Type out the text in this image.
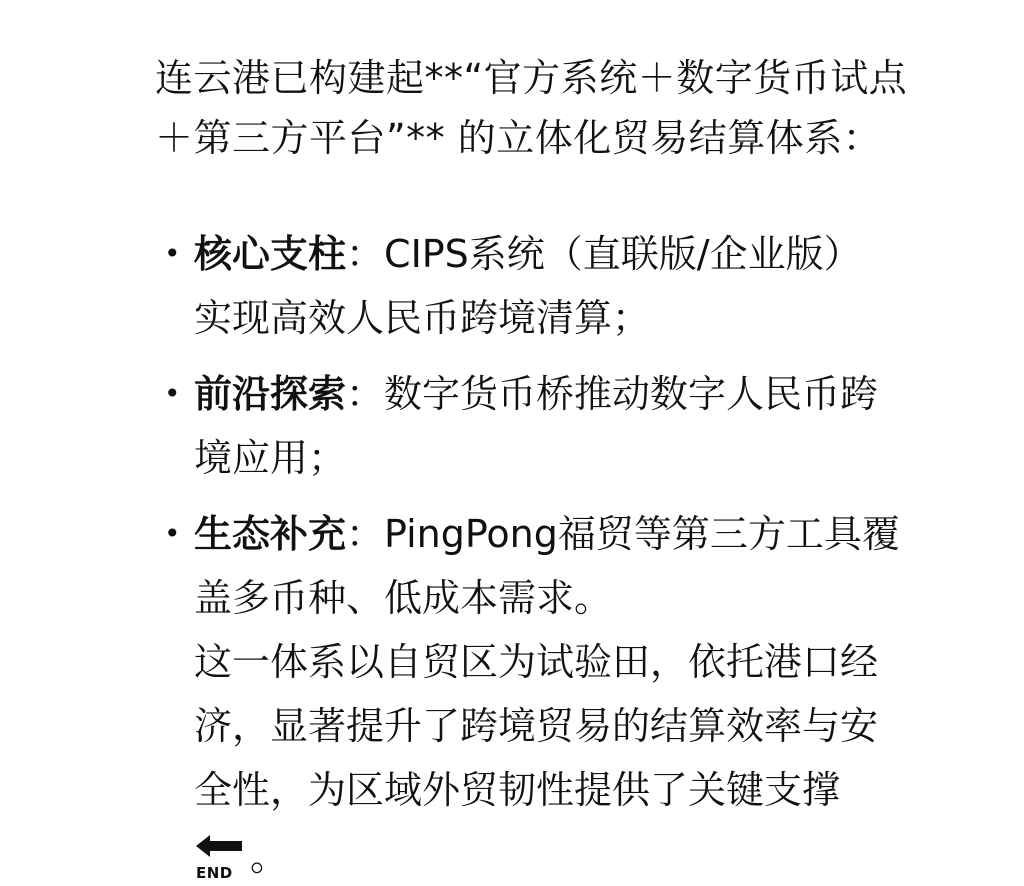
连云港已构建起**“官方系统＋数字货币试点
＋第三方平台”** 的立体化贸易结算体系：
• 核心支柱：CIPS系统（直联版/企业版）
实现高效人民币跨境清算；
• 前沿探索：数字货币桥推动数字人民币跨
境应用；
• 生态补充：PingPong福贸等第三方工具覆
盖多币种、低成本需求。
这一体系以自贸区为试验田，依托港口经
济，显著提升了跨境贸易的结算效率与安
全性，为区域外贸韧性提供了关键支撑
END 。
